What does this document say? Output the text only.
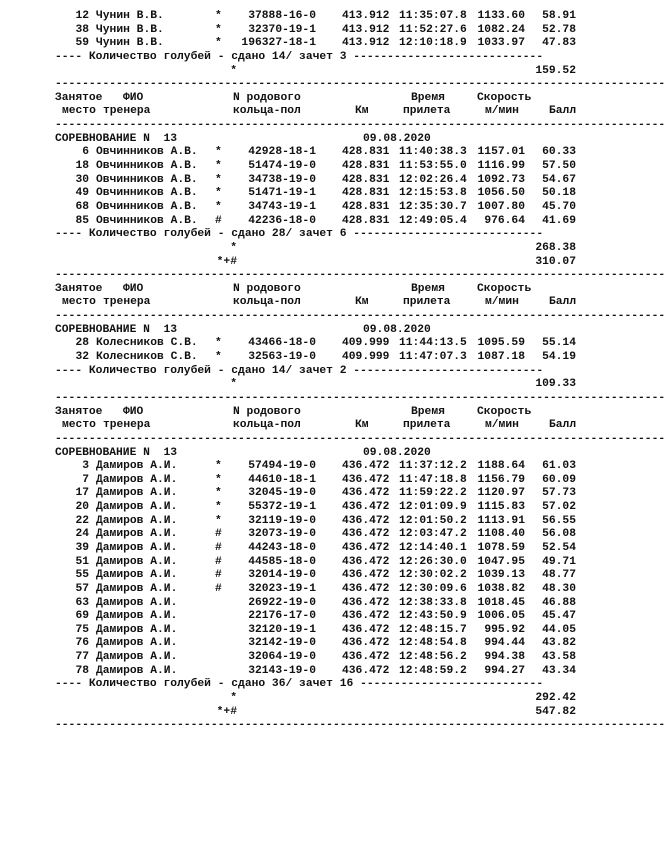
12 Чунин В.В.	* 37888-16-0 413.912 11:35:07.8 1133.60 58.91
38 Чунин В.В.	* 32370-19-1 413.912 11:52:27.6 1082.24 52.78
59 Чунин В.В.	* 196327-18-1 413.912 12:10:18.9 1033.97 47.83
---- Количество голубей - сдано 14/ зачет 3 ----------------------------
*	159.52
------------------------------------------------------------------------------------------
Занятое ФИО	N родового	Время	Скорость
место тренера	кольца-пол	Км	прилета	м/мин	Балл
------------------------------------------------------------------------------------------
СОРЕВНОВАНИЕ N  13	09.08.2020
6 Овчинников А.В. * 42928-18-1 428.831 11:40:38.3 1157.01 60.33
18 Овчинников А.В. * 51474-19-0 428.831 11:53:55.0 1116.99 57.50
30 Овчинников А.В. * 34738-19-0 428.831 12:02:26.4 1092.73 54.67
49 Овчинников А.В. * 51471-19-1 428.831 12:15:53.8 1056.50 50.18
68 Овчинников А.В. * 34743-19-1 428.831 12:35:30.7 1007.80 45.70
85 Овчинников А.В. # 42236-18-0 428.831 12:49:05.4 976.64 41.69
---- Количество голубей - сдано 28/ зачет 6 ----------------------------
*	268.38
*+#	310.07
------------------------------------------------------------------------------------------
Занятое ФИО	N родового	Время	Скорость
место тренера	кольца-пол	Км	прилета	м/мин	Балл
------------------------------------------------------------------------------------------
СОРЕВНОВАНИЕ N  13	09.08.2020
28 Колесников С.В. * 43466-18-0 409.999 11:44:13.5 1095.59 55.14
32 Колесников С.В. * 32563-19-0 409.999 11:47:07.3 1087.18 54.19
---- Количество голубей - сдано 14/ зачет 2 ----------------------------
*	109.33
------------------------------------------------------------------------------------------
Занятое ФИО	N родового	Время	Скорость
место тренера	кольца-пол	Км	прилета	м/мин	Балл
------------------------------------------------------------------------------------------
СОРЕВНОВАНИЕ N  13	09.08.2020
3 Дамиров А.И.	* 57494-19-0 436.472 11:37:12.2 1188.64 61.03
7 Дамиров А.И.	* 44610-18-1 436.472 11:47:18.8 1156.79 60.09
17 Дамиров А.И.	* 32045-19-0 436.472 11:59:22.2 1120.97 57.73
20 Дамиров А.И.	* 55372-19-1 436.472 12:01:09.9 1115.83 57.02
22 Дамиров А.И.	* 32119-19-0 436.472 12:01:50.2 1113.91 56.55
24 Дамиров А.И.	# 32073-19-0 436.472 12:03:47.2 1108.40 56.08
39 Дамиров А.И.	# 44243-18-0 436.472 12:14:40.1 1078.59 52.54
51 Дамиров А.И.	# 44585-18-0 436.472 12:26:30.0 1047.95 49.71
55 Дамиров А.И.	# 32014-19-0 436.472 12:30:02.2 1039.13 48.77
57 Дамиров А.И.	# 32023-19-1 436.472 12:30:09.6 1038.82 48.30
63 Дамиров А.И.	26922-19-0 436.472 12:38:33.8 1018.45 46.88
69 Дамиров А.И.	22176-17-0 436.472 12:43:50.9 1006.05 45.47
75 Дамиров А.И.	32120-19-1 436.472 12:48:15.7 995.92 44.05
76 Дамиров А.И.	32142-19-0 436.472 12:48:54.8 994.44 43.82
77 Дамиров А.И.	32064-19-0 436.472 12:48:56.2 994.38 43.58
78 Дамиров А.И.	32143-19-0 436.472 12:48:59.2 994.27 43.34
---- Количество голубей - сдано 36/ зачет 16 ---------------------------
*	292.42
*+#	547.82
------------------------------------------------------------------------------------------
